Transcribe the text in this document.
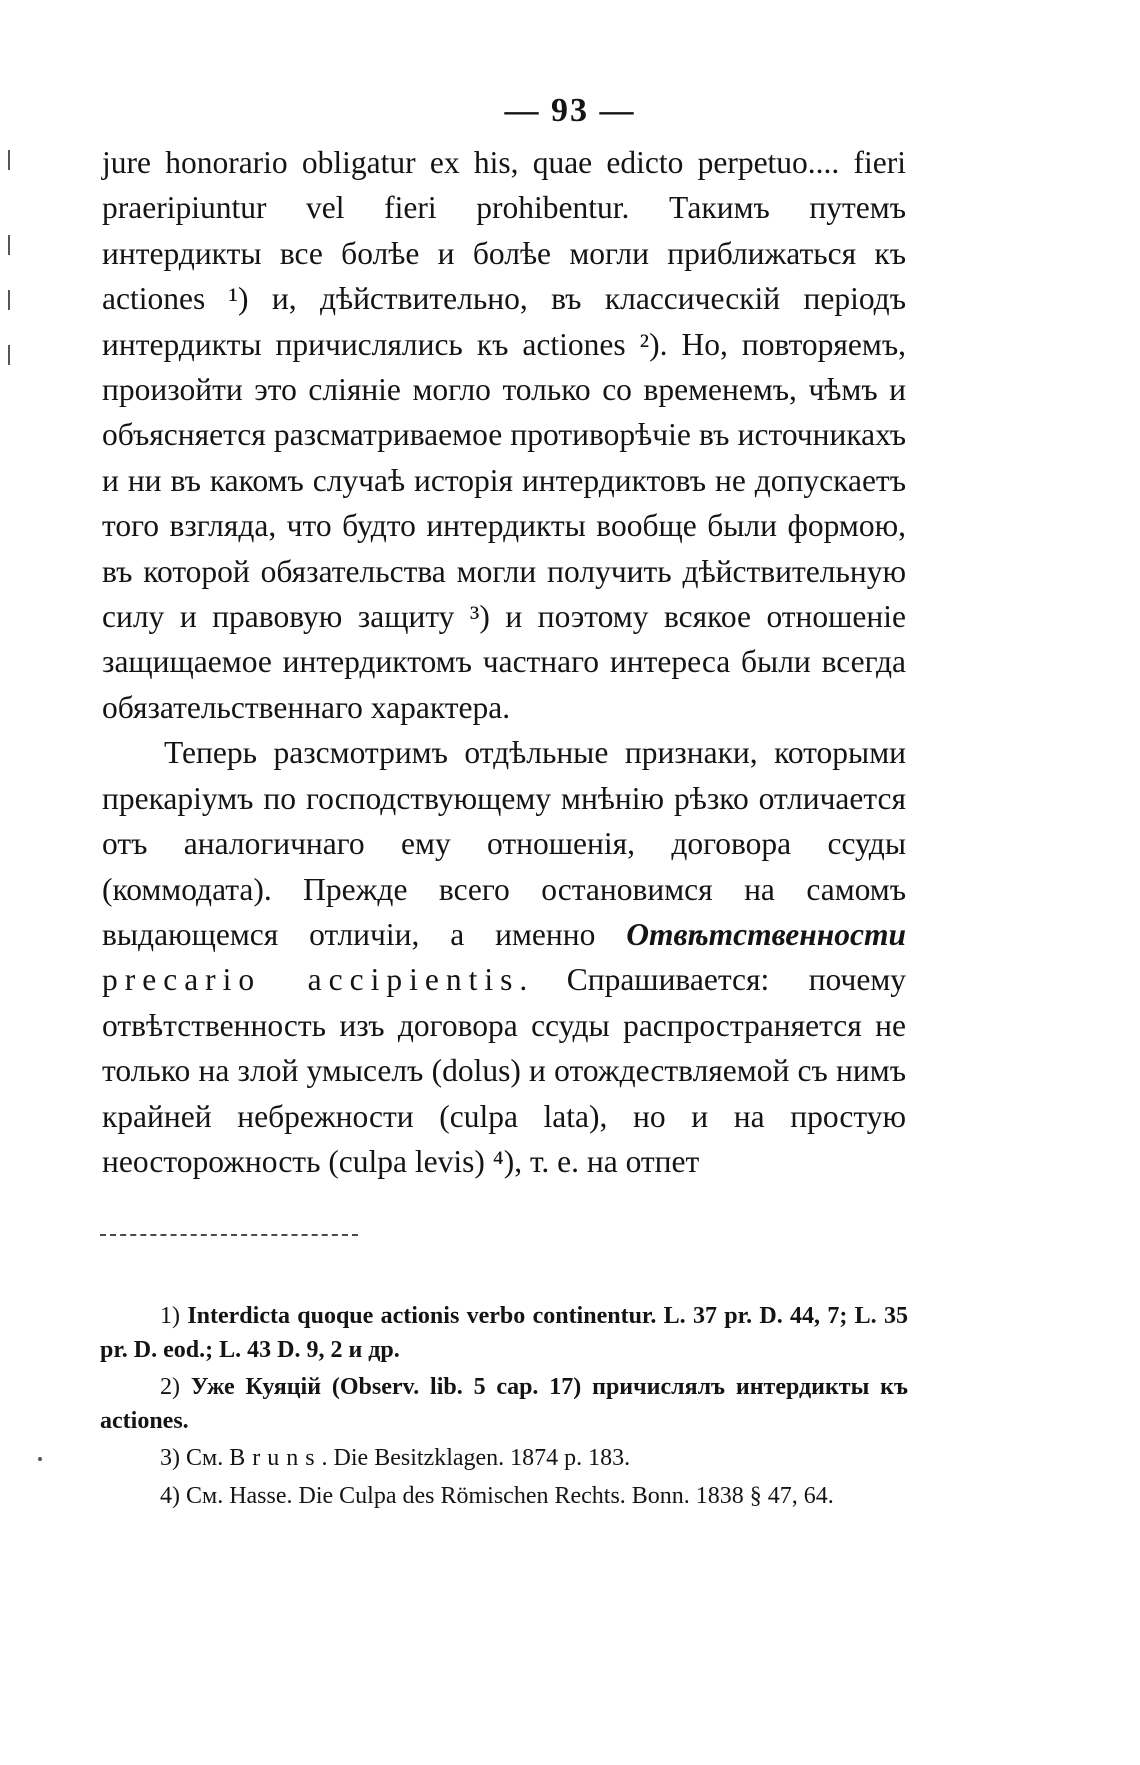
— 93 —

jure honorario obligatur ex his, quae edicto perpetuo.... fieri praeripiuntur vel fieri prohibentur. Такимъ путемъ интердикты все болѣе и болѣе могли приближаться къ actiones ¹) и, дѣйствительно, въ классическій періодъ интердикты причислялись къ actiones ²). Но, повторяемъ, произойти это сліяніе могло только со временемъ, чѣмъ и объясняется разсматриваемое противорѣчіе въ источникахъ и ни въ какомъ случаѣ исторія интердиктовъ не допускаетъ того взгляда, что будто интердикты вообще были формою, въ которой обязательства могли получить дѣйствительную силу и правовую защиту ³) и поэтому всякое отношеніе защищаемое интердиктомъ частнаго интереса были всегда обязательственнаго характера.

Теперь разсмотримъ отдѣльные признаки, которыми прекаріумъ по господствующему мнѣнію рѣзко отличается отъ аналогичнаго ему отношенія, договора ссуды (коммодата). Прежде всего остановимся на самомъ выдающемся отличіи, а именно Отвѣтственности precario accipientis. Спрашивается: почему отвѣтственность изъ договора ссуды распространяется не только на злой умыселъ (dolus) и отождествляемой съ нимъ крайней небрежности (culpa lata), но и на простую неосторожность (culpa levis) ⁴), т. е. на отпет

1) Interdicta quoque actionis verbo continentur. L. 37 pr. D. 44, 7; L. 35 pr. D. eod.; L. 43 D. 9, 2 и др.

2) Уже Куяцій (Observ. lib. 5 cap. 17) причислялъ интердикты къ actiones.

3) См. Bruns. Die Besitzklagen. 1874 p. 183.

4) См. Hasse. Die Culpa des Römischen Rechts. Bonn. 1838 § 47, 64.
